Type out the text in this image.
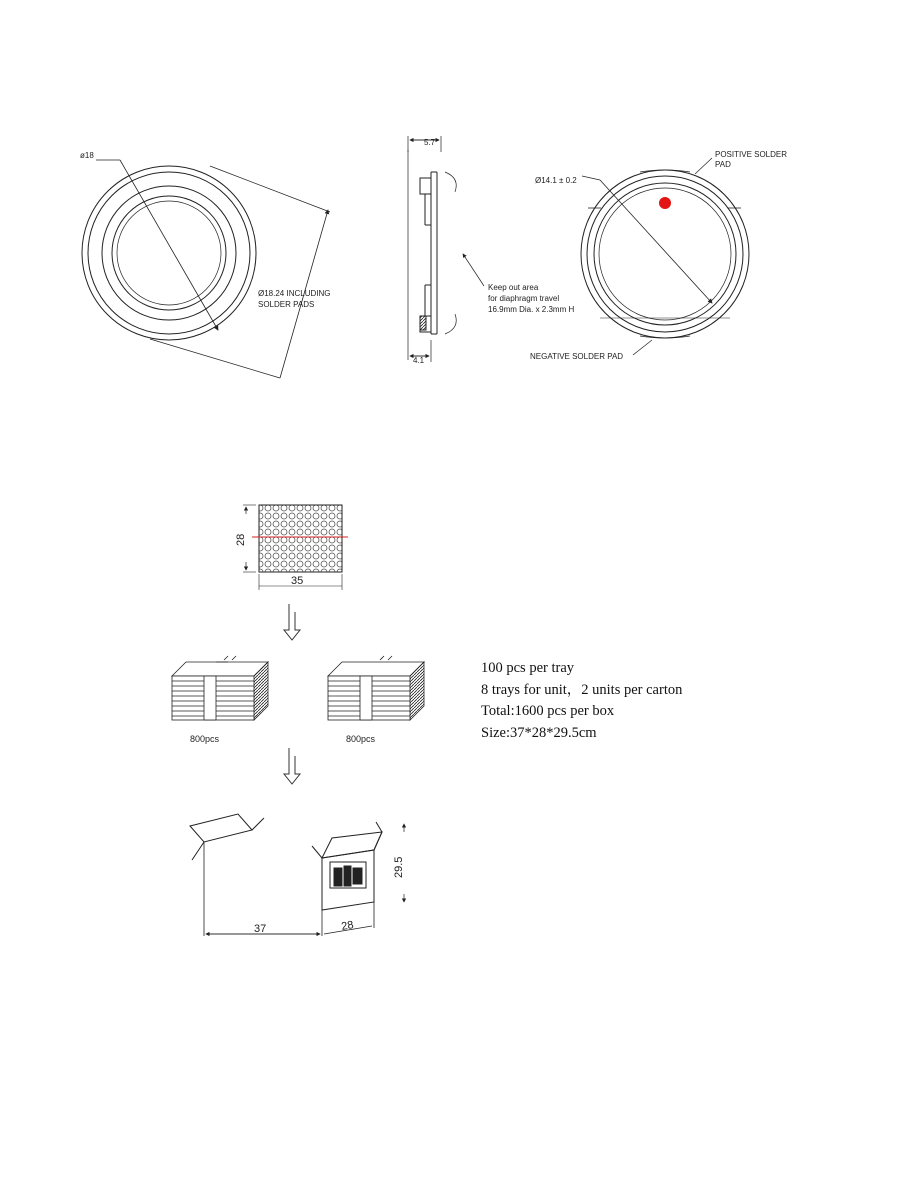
ø18
Ø18.24 INCLUDING
SOLDER PADS
5.7
4.1
Keep out area
for diaphragm travel
16.9mm Dia. x 2.3mm H
Ø14.1 ± 0.2
POSITIVE SOLDER
PAD
NEGATIVE SOLDER PAD
28
35
800pcs	800pcs
37	28
29.5
100 pcs per tray
8 trays for unit，2 units per carton
Total:1600 pcs per box
Size:37*28*29.5cm
